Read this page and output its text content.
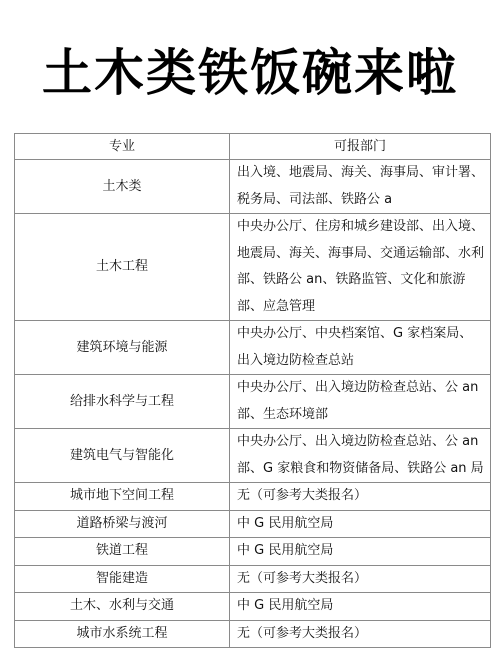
土木类铁饭碗来啦
专业	可报部门
土木类	出入境、地震局、海关、海事局、审计署、税务局、司法部、铁路公 a
土木工程	中央办公厅、住房和城乡建设部、出入境、地震局、海关、海事局、交通运输部、水利部、铁路公 an、铁路监管、文化和旅游部、应急管理
建筑环境与能源	中央办公厅、中央档案馆、G 家档案局、出入境边防检查总站
给排水科学与工程	中央办公厅、出入境边防检查总站、公 an 部、生态环境部
建筑电气与智能化	中央办公厅、出入境边防检查总站、公 an 部、G 家粮食和物资储备局、铁路公 an 局
城市地下空间工程	无（可参考大类报名）
道路桥梁与渡河	中 G 民用航空局
铁道工程	中 G 民用航空局
智能建造	无（可参考大类报名）
土木、水利与交通	中 G 民用航空局
城市水系统工程	无（可参考大类报名）
